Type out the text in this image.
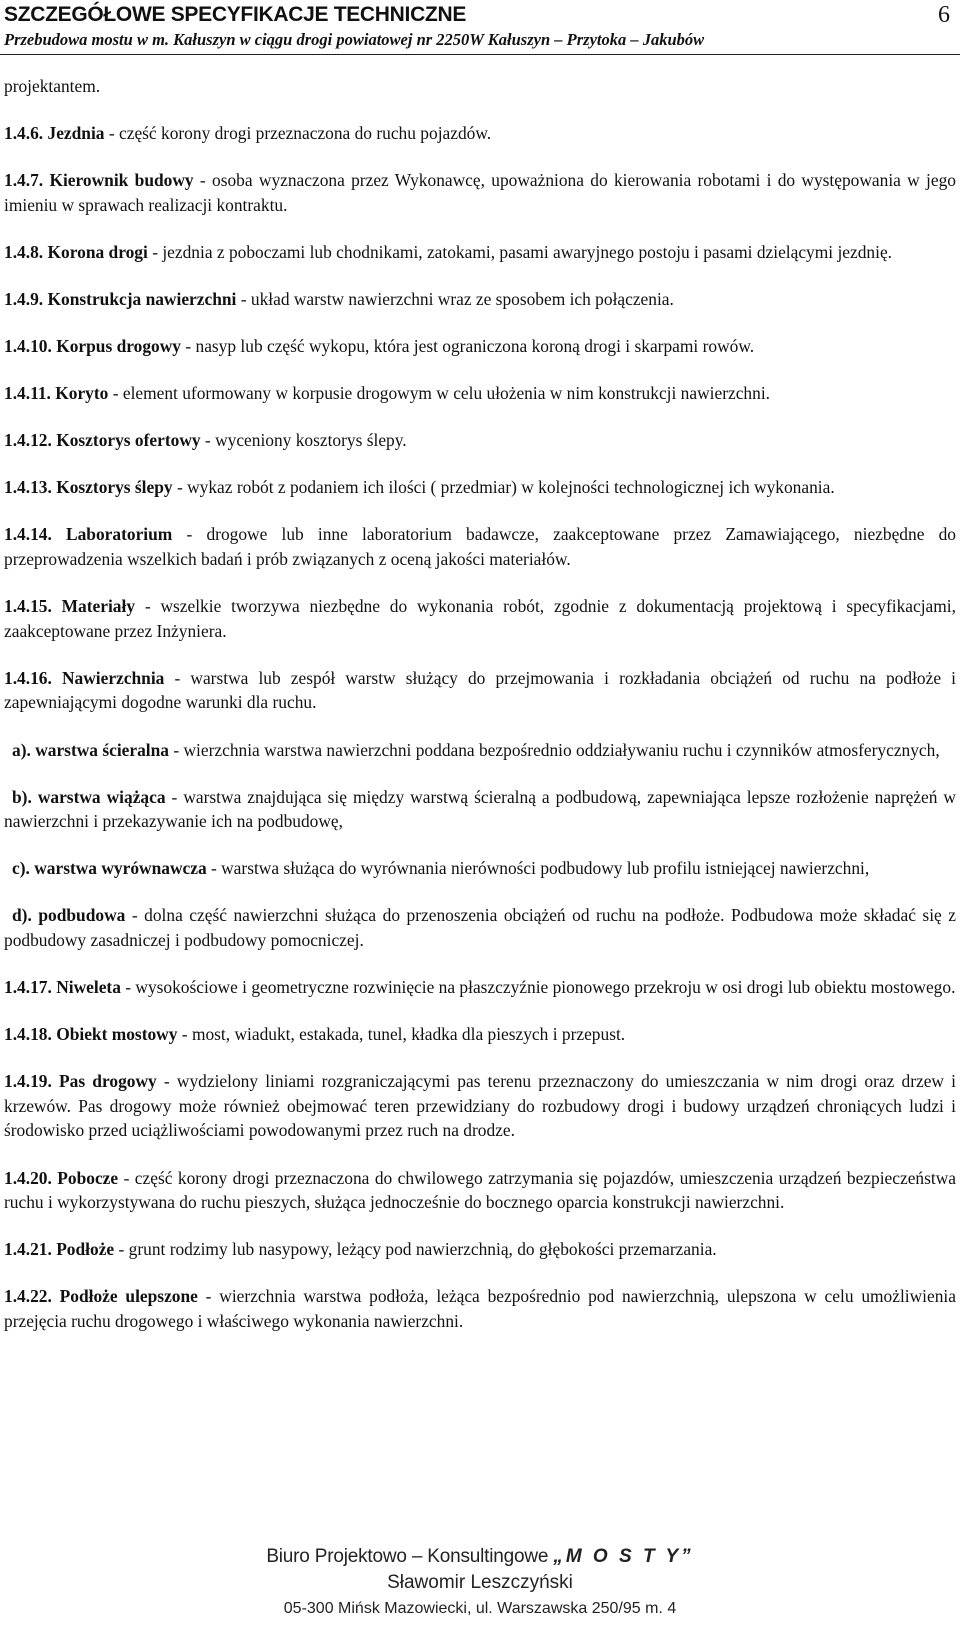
SZCZEGÓŁOWE SPECYFIKACJE TECHNICZNE
Przebudowa mostu w m. Kałuszyn w ciągu drogi powiatowej nr 2250W Kałuszyn – Przytoka – Jakubów
6

projektantem.

1.4.6. Jezdnia - część korony drogi przeznaczona do ruchu pojazdów.

1.4.7. Kierownik budowy - osoba wyznaczona przez Wykonawcę, upoważniona do kierowania robotami i do występowania w jego imieniu w sprawach realizacji kontraktu.

1.4.8. Korona drogi - jezdnia z poboczami lub chodnikami, zatokami, pasami awaryjnego postoju i pasami dzielącymi jezdnię.

1.4.9. Konstrukcja nawierzchni - układ warstw nawierzchni wraz ze sposobem ich połączenia.

1.4.10. Korpus drogowy - nasyp lub część wykopu, która jest ograniczona koroną drogi i skarpami rowów.

1.4.11. Koryto - element uformowany w korpusie drogowym w celu ułożenia w nim konstrukcji nawierzchni.

1.4.12. Kosztorys ofertowy - wyceniony kosztorys ślepy.

1.4.13. Kosztorys ślepy - wykaz robót z podaniem ich ilości ( przedmiar) w kolejności technologicznej ich wykonania.

1.4.14. Laboratorium - drogowe lub inne laboratorium badawcze, zaakceptowane przez Zamawiającego, niezbędne do przeprowadzenia wszelkich badań i prób związanych z oceną jakości materiałów.

1.4.15. Materiały - wszelkie tworzywa niezbędne do wykonania robót, zgodnie z dokumentacją projektową i specyfikacjami, zaakceptowane przez Inżyniera.

1.4.16. Nawierzchnia - warstwa lub zespół warstw służący do przejmowania i rozkładania obciążeń od ruchu na podłoże i zapewniającymi dogodne warunki dla ruchu.

a). warstwa ścieralna - wierzchnia warstwa nawierzchni poddana bezpośrednio oddziaływaniu ruchu i czynników atmosferycznych,

b). warstwa wiążąca - warstwa znajdująca się między warstwą ścieralną a podbudową, zapewniająca lepsze rozłożenie naprężeń w nawierzchni i przekazywanie ich na podbudowę,

c). warstwa wyrównawcza - warstwa służąca do wyrównania nierówności podbudowy lub profilu istniejącej nawierzchni,

d). podbudowa - dolna część nawierzchni służąca do przenoszenia obciążeń od ruchu na podłoże. Podbudowa może składać się z podbudowy zasadniczej i podbudowy pomocniczej.

1.4.17. Niweleta - wysokościowe i geometryczne rozwinięcie na płaszczyźnie pionowego przekroju w osi drogi lub obiektu mostowego.

1.4.18. Obiekt mostowy - most, wiadukt, estakada, tunel, kładka dla pieszych i przepust.

1.4.19. Pas drogowy - wydzielony liniami rozgraniczającymi pas terenu przeznaczony do umieszczania w nim drogi oraz drzew i krzewów. Pas drogowy może również obejmować teren przewidziany do rozbudowy drogi i budowy urządzeń chroniących ludzi i środowisko przed uciążliwościami powodowanymi przez ruch na drodze.

1.4.20. Pobocze - część korony drogi przeznaczona do chwilowego zatrzymania się pojazdów, umieszczenia urządzeń bezpieczeństwa ruchu i wykorzystywana do ruchu pieszych, służąca jednocześnie do bocznego oparcia konstrukcji nawierzchni.

1.4.21. Podłoże - grunt rodzimy lub nasypowy, leżący pod nawierzchnią, do głębokości przemarzania.

1.4.22. Podłoże ulepszone - wierzchnia warstwa podłoża, leżąca bezpośrednio pod nawierzchnią, ulepszona w celu umożliwienia przejęcia ruchu drogowego i właściwego wykonania nawierzchni.

Biuro Projektowo – Konsultingowe „M O S T Y”
Sławomir Leszczyński
05-300 Mińsk Mazowiecki, ul. Warszawska 250/95 m. 4
